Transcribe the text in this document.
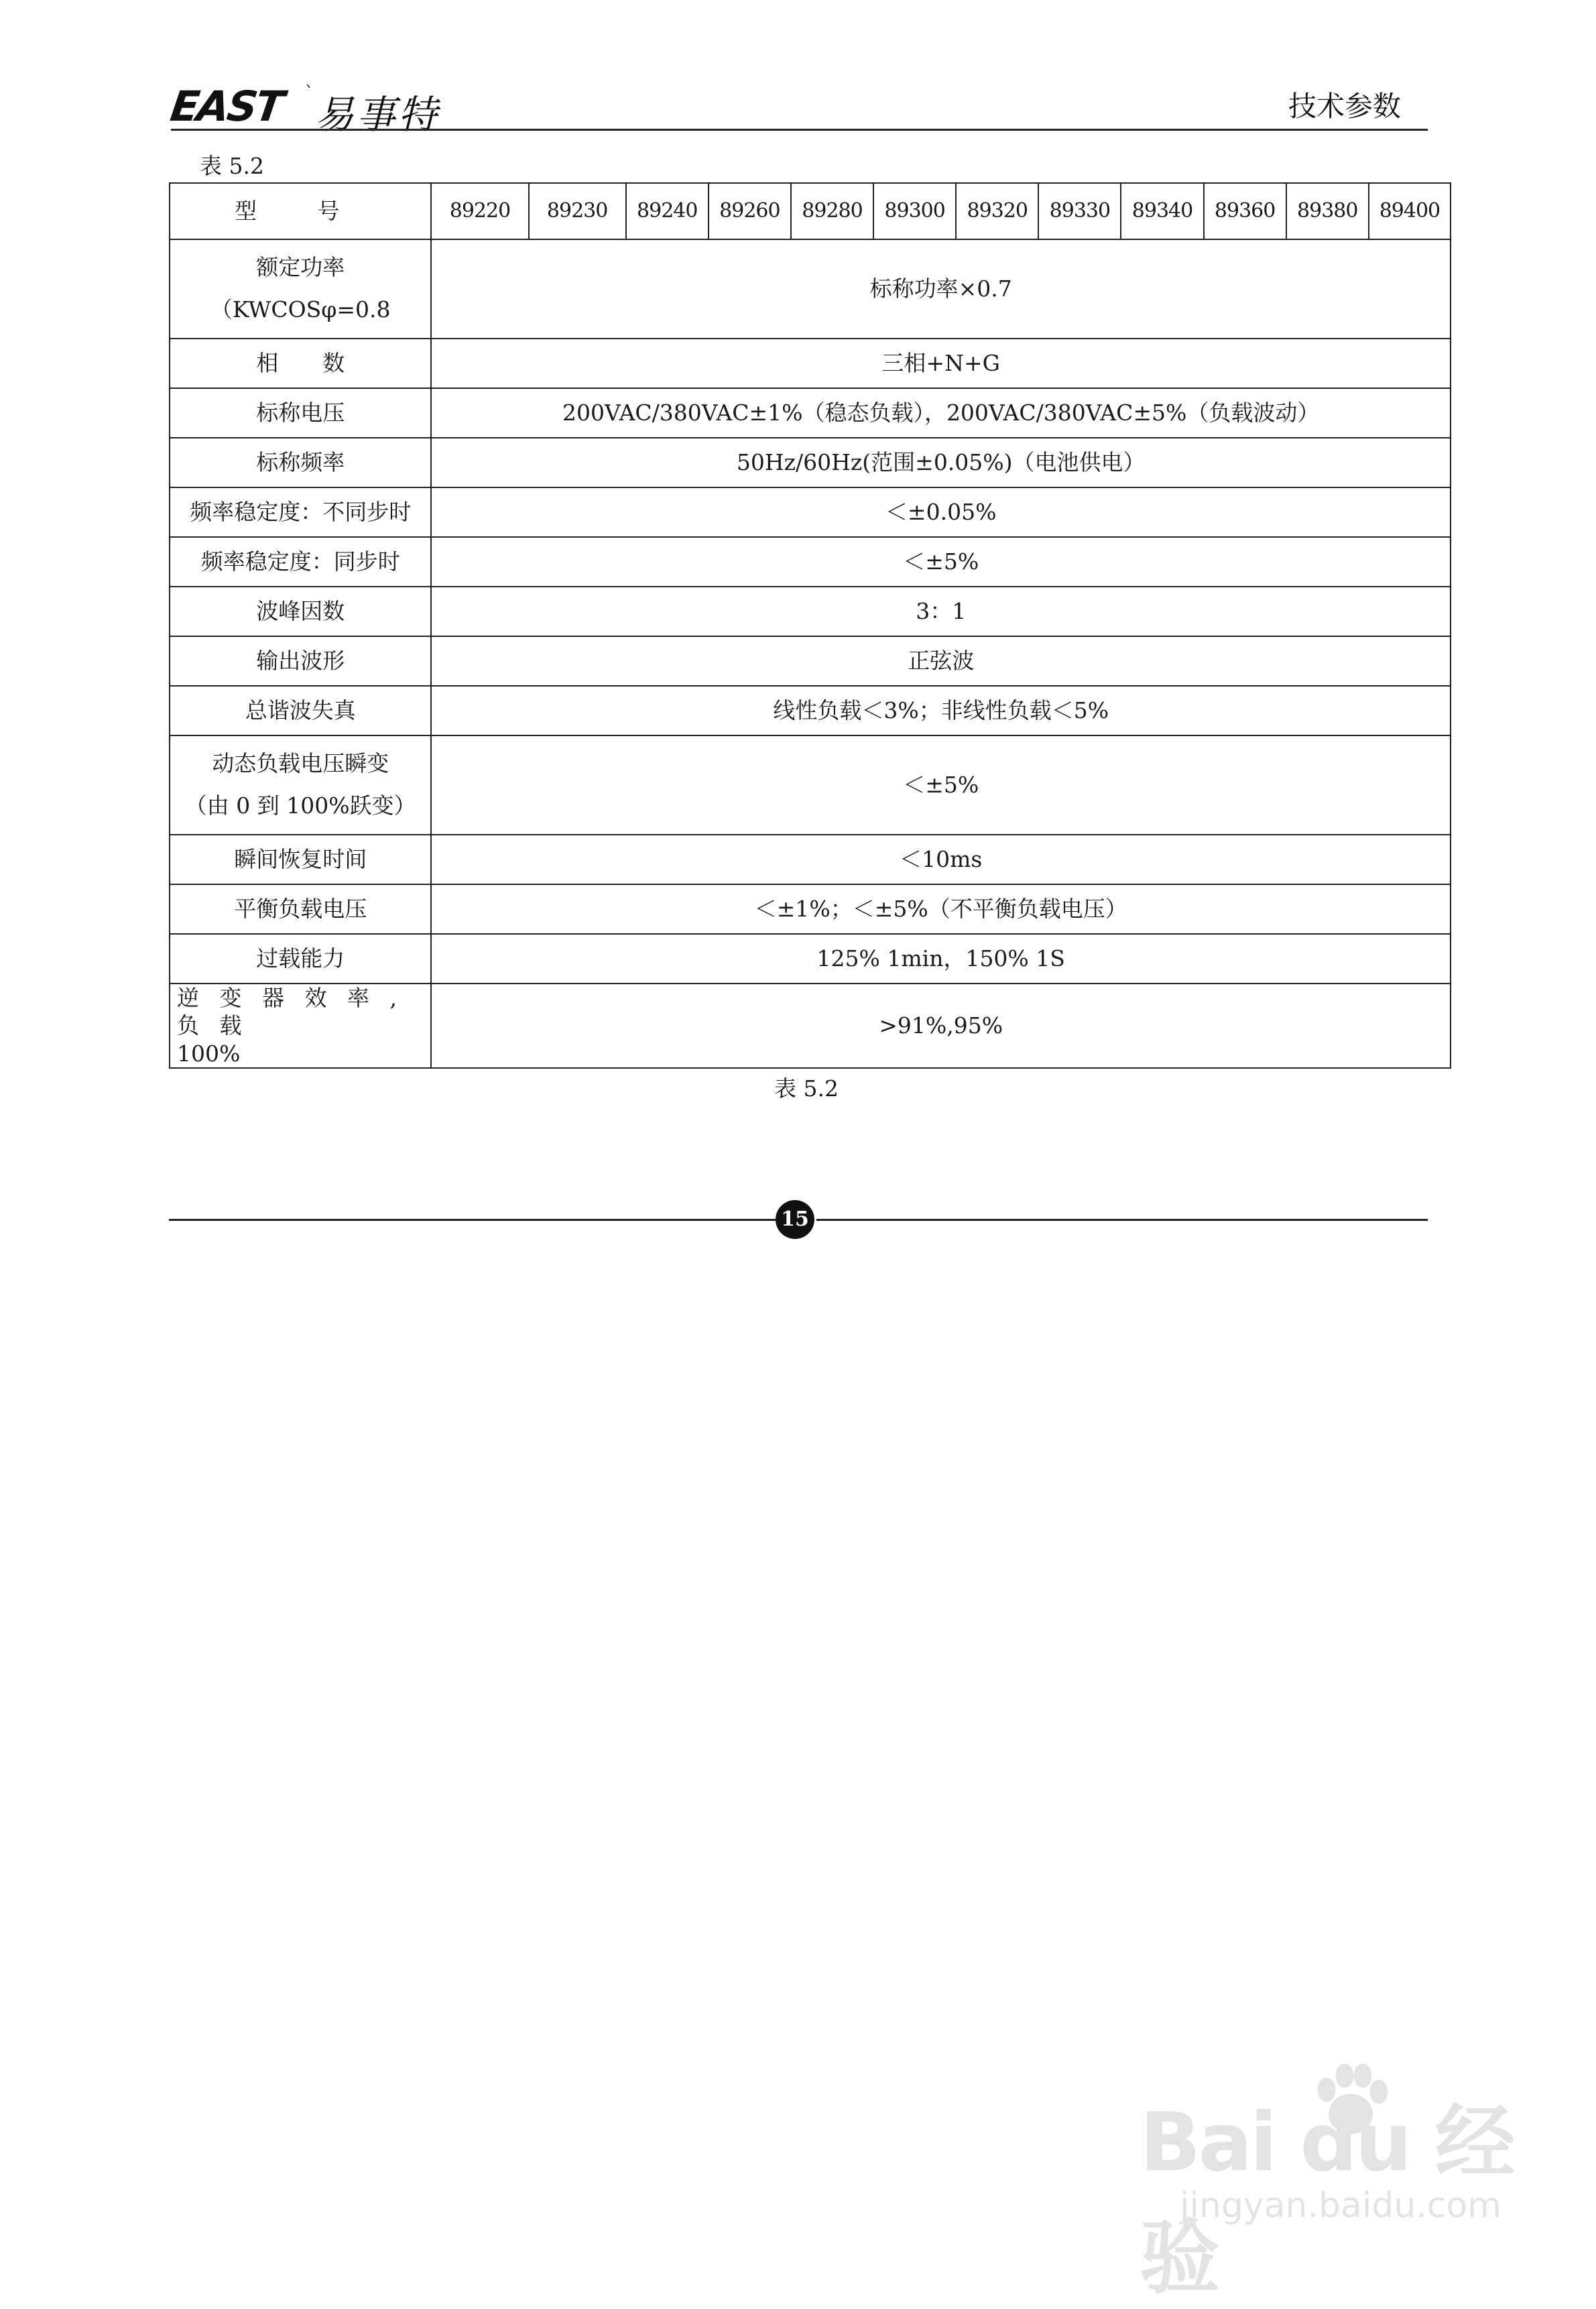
EAST ` 易事特	技术参数
表 5.2
型 号	89220	89230	89240	89260	89280	89300	89320	89330	89340	89360	89380	89400

额定功率
（KWCOSφ=0.8	标称功率×0.7											
相　　数	三相+N+G											
标称电压	200VAC/380VAC±1%（稳态负载），200VAC/380VAC±5%（负载波动）											
标称频率	50Hz/60Hz(范围±0.05%)（电池供电）											
频率稳定度：不同步时	＜±0.05%											
频率稳定度：同步时	＜±5%											
波峰因数	3：1											
输出波形	正弦波											
总谐波失真	线性负载＜3%；非线性负载＜5%											

动态负载电压瞬变
（由 0 到 100%跃变）	＜±5%											
瞬间恢复时间	＜10ms											
平衡负载电压	＜±1%；＜±5%（不平衡负载电压）											
过载能力	125% 1min，150% 1S											

逆 变 器 效 率 , 负 载
100%	>91%,95%											
表 5.2
15
Bai du 经验
jingyan.baidu.com
